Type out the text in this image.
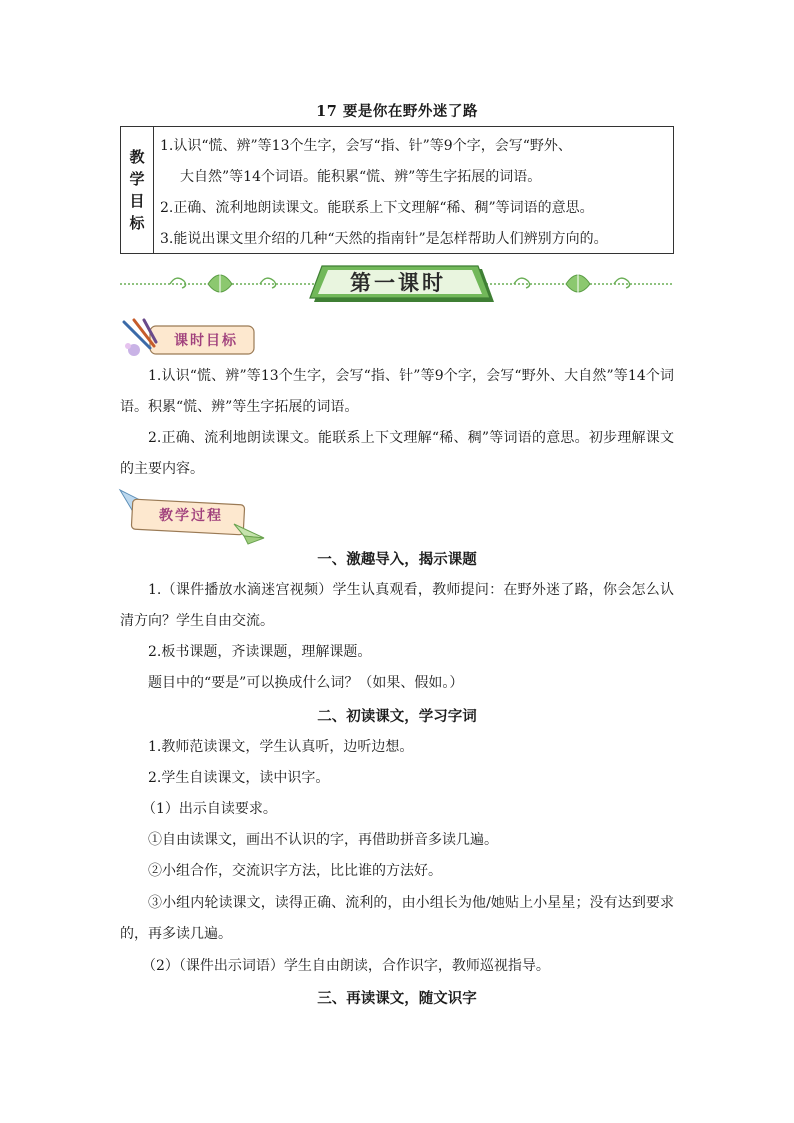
17 要是你在野外迷了路
教
学
目
标
1.认识“慌、辨”等13个生字，会写“指、针”等9个字，会写“野外、
大自然”等14个词语。能积累“慌、辨”等生字拓展的词语。
2.正确、流利地朗读课文。能联系上下文理解“稀、稠”等词语的意思。
3.能说出课文里介绍的几种“天然的指南针”是怎样帮助人们辨别方向的。
第一课时
课时目标
1.认识“慌、辨”等13个生字，会写“指、针”等9个字，会写“野外、大自然”等14个词语。积累“慌、辨”等生字拓展的词语。
2.正确、流利地朗读课文。能联系上下文理解“稀、稠”等词语的意思。初步理解课文的主要内容。
教学过程
一、激趣导入，揭示课题
1.（课件播放水滴迷宫视频）学生认真观看，教师提问：在野外迷了路，你会怎么认清方向？学生自由交流。
2.板书课题，齐读课题，理解课题。
题目中的“要是”可以换成什么词？（如果、假如。）
二、初读课文，学习字词
1.教师范读课文，学生认真听，边听边想。
2.学生自读课文，读中识字。
（1）出示自读要求。
①自由读课文，画出不认识的字，再借助拼音多读几遍。
②小组合作，交流识字方法，比比谁的方法好。
③小组内轮读课文，读得正确、流利的，由小组长为他/她贴上小星星；没有达到要求的，再多读几遍。
（2）（课件出示词语）学生自由朗读，合作识字，教师巡视指导。
三、再读课文，随文识字
